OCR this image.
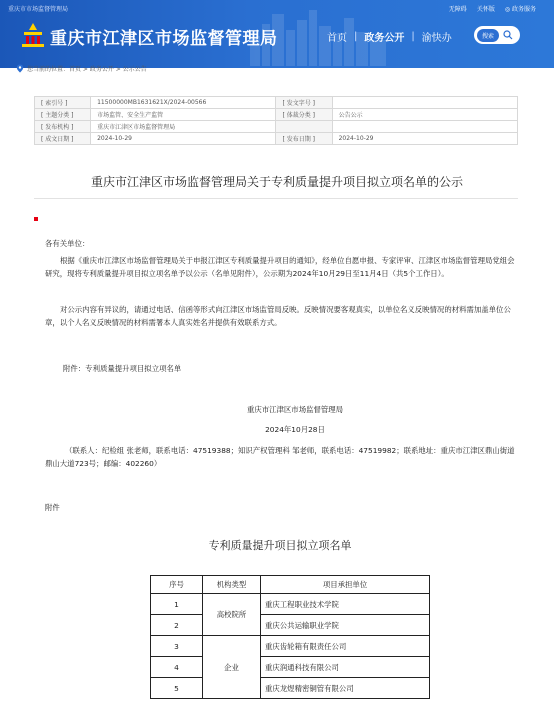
重庆市市场监督管理局	无障碍 关怀版 ◎ 政务服务
重庆市江津区市场监督管理局	首页 | 政务公开 | 渝快办	搜索
您当前的位置：首页 > 政务公开 > 公示公告
[ 索引号 ]	11500000MB1631621X/2024-00566	[ 发文字号 ]	
[ 主题分类 ]	市场监管、安全生产监管	[ 体裁分类 ]	公告公示
[ 发布机构 ]	重庆市江津区市场监督管理局		
[ 成文日期 ]	2024-10-29	[ 发布日期 ]	2024-10-29
重庆市江津区市场监督管理局关于专利质量提升项目拟立项名单的公示
各有关单位：
根据《重庆市江津区市场监督管理局关于申报江津区专利质量提升项目的通知》，经单位自愿申报、专家评审、江津区市场监督管理局党组会研究，现将专利质量提升项目拟立项名单予以公示（名单见附件），公示期为2024年10月29日至11月4日（共5个工作日）。
对公示内容有异议的，请通过电话、信函等形式向江津区市场监管局反映。反映情况要客观真实，以单位名义反映情况的材料需加盖单位公章，以个人名义反映情况的材料需署本人真实姓名并提供有效联系方式。
附件：专利质量提升项目拟立项名单
重庆市江津区市场监督管理局
2024年10月28日
（联系人：纪检组 张老师，联系电话：47519388；知识产权管理科 邹老师，联系电话：47519982；联系地址：重庆市江津区鼎山街道鼎山大道723号；邮编：402260）
附件
专利质量提升项目拟立项名单
序号	机构类型	项目承担单位
1	高校院所	重庆工程职业技术学院
2		重庆公共运输职业学院
3	企业	重庆齿轮箱有限责任公司
4		重庆润通科技有限公司
5		重庆龙煜精密铜管有限公司
